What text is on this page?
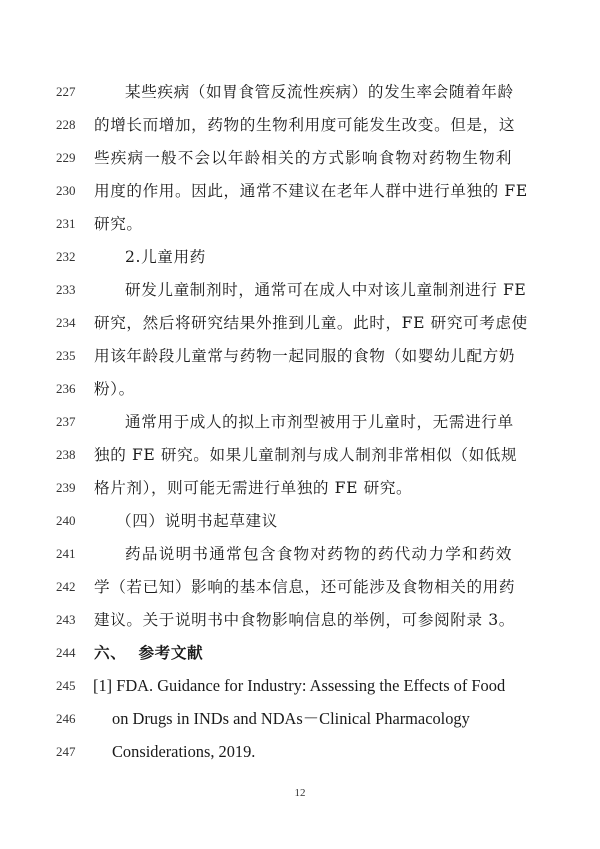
227	某些疾病（如胃食管反流性疾病）的发生率会随着年龄
228	的增长而增加，药物的生物利用度可能发生改变。但是，这
229	些疾病一般不会以年龄相关的方式影响食物对药物生物利
230	用度的作用。因此，通常不建议在老年人群中进行单独的 FE
231	研究。
232	2.儿童用药
233	研发儿童制剂时，通常可在成人中对该儿童制剂进行 FE
234	研究，然后将研究结果外推到儿童。此时，FE 研究可考虑使
235	用该年龄段儿童常与药物一起同服的食物（如婴幼儿配方奶
236	粉）。
237	通常用于成人的拟上市剂型被用于儿童时，无需进行单
238	独的 FE 研究。如果儿童制剂与成人制剂非常相似（如低规
239	格片剂），则可能无需进行单独的 FE 研究。
240	（四）说明书起草建议
241	药品说明书通常包含食物对药物的药代动力学和药效
242	学（若已知）影响的基本信息，还可能涉及食物相关的用药
243	建议。关于说明书中食物影响信息的举例，可参阅附录 3。
244	六、  参考文献
245	[1] FDA. Guidance for Industry: Assessing the Effects of Food
246	on Drugs in INDs and NDAs－Clinical Pharmacology
247	Considerations, 2019.
12
